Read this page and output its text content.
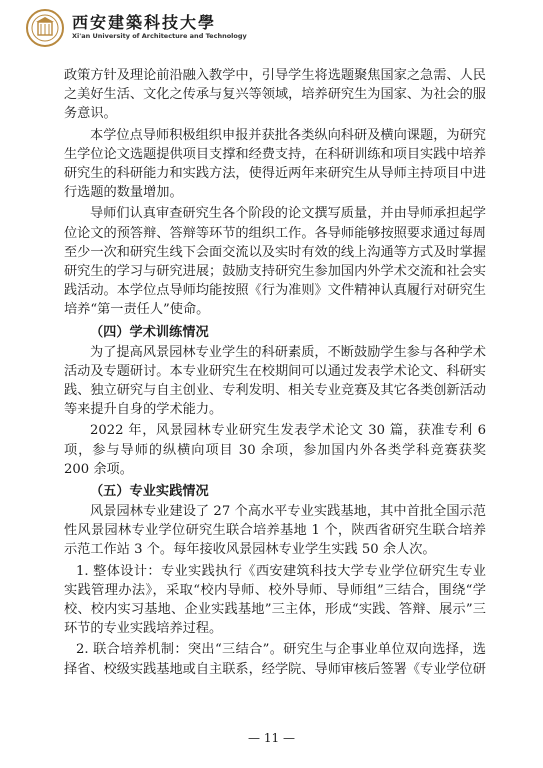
西安建築科技大學
Xi'an University of Architecture and Technology

政策方针及理论前沿融入教学中，引导学生将选题聚焦国家之急需、人民之美好生活、文化之传承与复兴等领域，培养研究生为国家、为社会的服务意识。

本学位点导师积极组织申报并获批各类纵向科研及横向课题，为研究生学位论文选题提供项目支撑和经费支持，在科研训练和项目实践中培养研究生的科研能力和实践方法，使得近两年来研究生从导师主持项目中进行选题的数量增加。

导师们认真审查研究生各个阶段的论文撰写质量，并由导师承担起学位论文的预答辩、答辩等环节的组织工作。各导师能够按照要求通过每周至少一次和研究生线下会面交流以及实时有效的线上沟通等方式及时掌握研究生的学习与研究进展；鼓励支持研究生参加国内外学术交流和社会实践活动。本学位点导师均能按照《行为准则》文件精神认真履行对研究生培养“第一责任人”使命。

（四）学术训练情况

为了提高风景园林专业学生的科研素质，不断鼓励学生参与各种学术活动及专题研讨。本专业研究生在校期间可以通过发表学术论文、科研实践、独立研究与自主创业、专利发明、相关专业竞赛及其它各类创新活动等来提升自身的学术能力。

2022 年，风景园林专业研究生发表学术论文 30 篇，获准专利 6 项，参与导师的纵横向项目 30 余项，参加国内外各类学科竞赛获奖 200 余项。

（五）专业实践情况

风景园林专业建设了 27 个高水平专业实践基地，其中首批全国示范性风景园林专业学位研究生联合培养基地 1 个，陕西省研究生联合培养示范工作站 3 个。每年接收风景园林专业学生实践 50 余人次。

1. 整体设计：专业实践执行《西安建筑科技大学专业学位研究生专业实践管理办法》，采取“校内导师、校外导师、导师组”三结合，围绕“学校、校内实习基地、企业实践基地”三主体，形成“实践、答辩、展示”三环节的专业实践培养过程。

2. 联合培养机制：突出“三结合”。研究生与企事业单位双向选择，选择省、校级实践基地或自主联系，经学院、导师审核后签署《专业学位研

— 11 —
